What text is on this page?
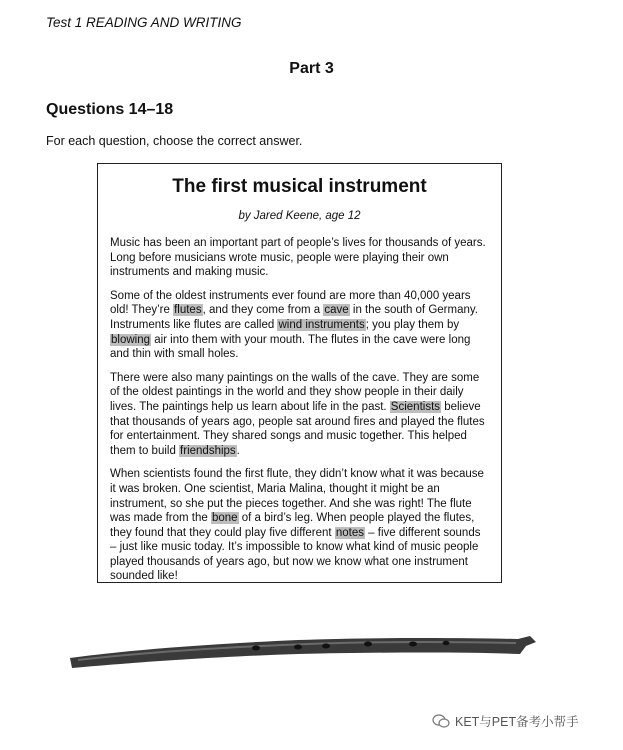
Test 1 READING AND WRITING
Part 3
Questions 14–18
For each question, choose the correct answer.
The first musical instrument
by Jared Keene, age 12

Music has been an important part of people’s lives for thousands of years. Long before musicians wrote music, people were playing their own instruments and making music.

Some of the oldest instruments ever found are more than 40,000 years old! They’re flutes, and they come from a cave in the south of Germany. Instruments like flutes are called wind instruments; you play them by blowing air into them with your mouth. The flutes in the cave were long and thin with small holes.

There were also many paintings on the walls of the cave. They are some of the oldest paintings in the world and they show people in their daily lives. The paintings help us learn about life in the past. Scientists believe that thousands of years ago, people sat around fires and played the flutes for entertainment. They shared songs and music together. This helped them to build friendships.

When scientists found the first flute, they didn’t know what it was because it was broken. One scientist, Maria Malina, thought it might be an instrument, so she put the pieces together. And she was right! The flute was made from the bone of a bird’s leg. When people played the flutes, they found that they could play five different notes – five different sounds – just like music today. It’s impossible to know what kind of music people played thousands of years ago, but now we know what one instrument sounded like!

KET与PET备考小帮手
